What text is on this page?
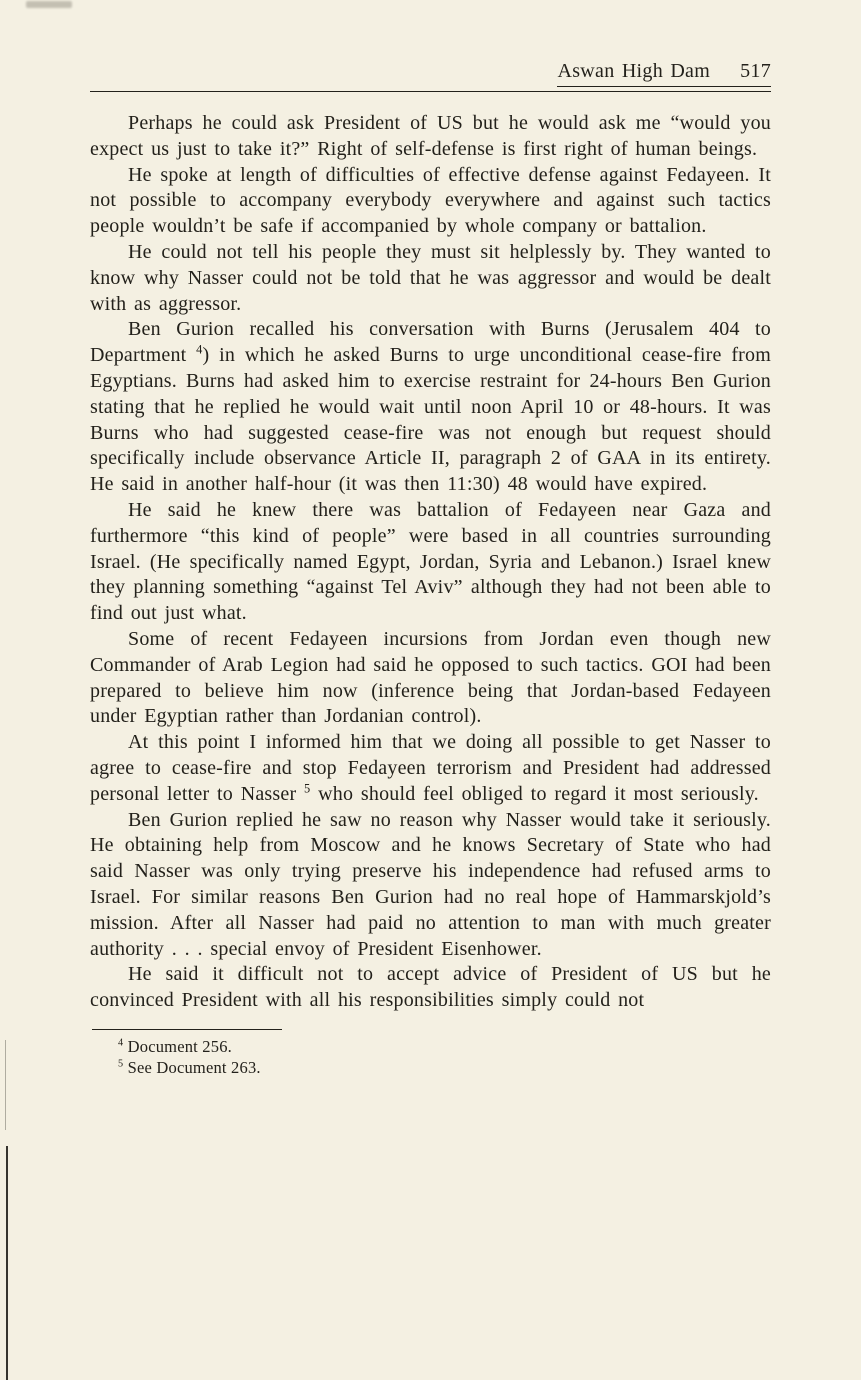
Aswan High Dam 517

Perhaps he could ask President of US but he would ask me “would you expect us just to take it?” Right of self-defense is first right of human beings.

He spoke at length of difficulties of effective defense against Fedayeen. It not possible to accompany everybody everywhere and against such tactics people wouldn’t be safe if accompanied by whole company or battalion.

He could not tell his people they must sit helplessly by. They wanted to know why Nasser could not be told that he was aggressor and would be dealt with as aggressor.

Ben Gurion recalled his conversation with Burns (Jerusalem 404 to Department $^4$) in which he asked Burns to urge unconditional cease-fire from Egyptians. Burns had asked him to exercise restraint for 24-hours Ben Gurion stating that he replied he would wait until noon April 10 or 48-hours. It was Burns who had suggested cease-fire was not enough but request should specifically include observance Article II, paragraph 2 of GAA in its entirety. He said in another half-hour (it was then 11:30) 48 would have expired.

He said he knew there was battalion of Fedayeen near Gaza and furthermore “this kind of people” were based in all countries surrounding Israel. (He specifically named Egypt, Jordan, Syria and Lebanon.) Israel knew they planning something “against Tel Aviv” although they had not been able to find out just what.

Some of recent Fedayeen incursions from Jordan even though new Commander of Arab Legion had said he opposed to such tactics. GOI had been prepared to believe him now (inference being that Jordan-based Fedayeen under Egyptian rather than Jordanian control).

At this point I informed him that we doing all possible to get Nasser to agree to cease-fire and stop Fedayeen terrorism and President had addressed personal letter to Nasser $^5$ who should feel obliged to regard it most seriously.

Ben Gurion replied he saw no reason why Nasser would take it seriously. He obtaining help from Moscow and he knows Secretary of State who had said Nasser was only trying preserve his independence had refused arms to Israel. For similar reasons Ben Gurion had no real hope of Hammarskjold’s mission. After all Nasser had paid no attention to man with much greater authority . . . special envoy of President Eisenhower.

He said it difficult not to accept advice of President of US but he convinced President with all his responsibilities simply could not

$^4$ Document 256.
$^5$ See Document 263.
